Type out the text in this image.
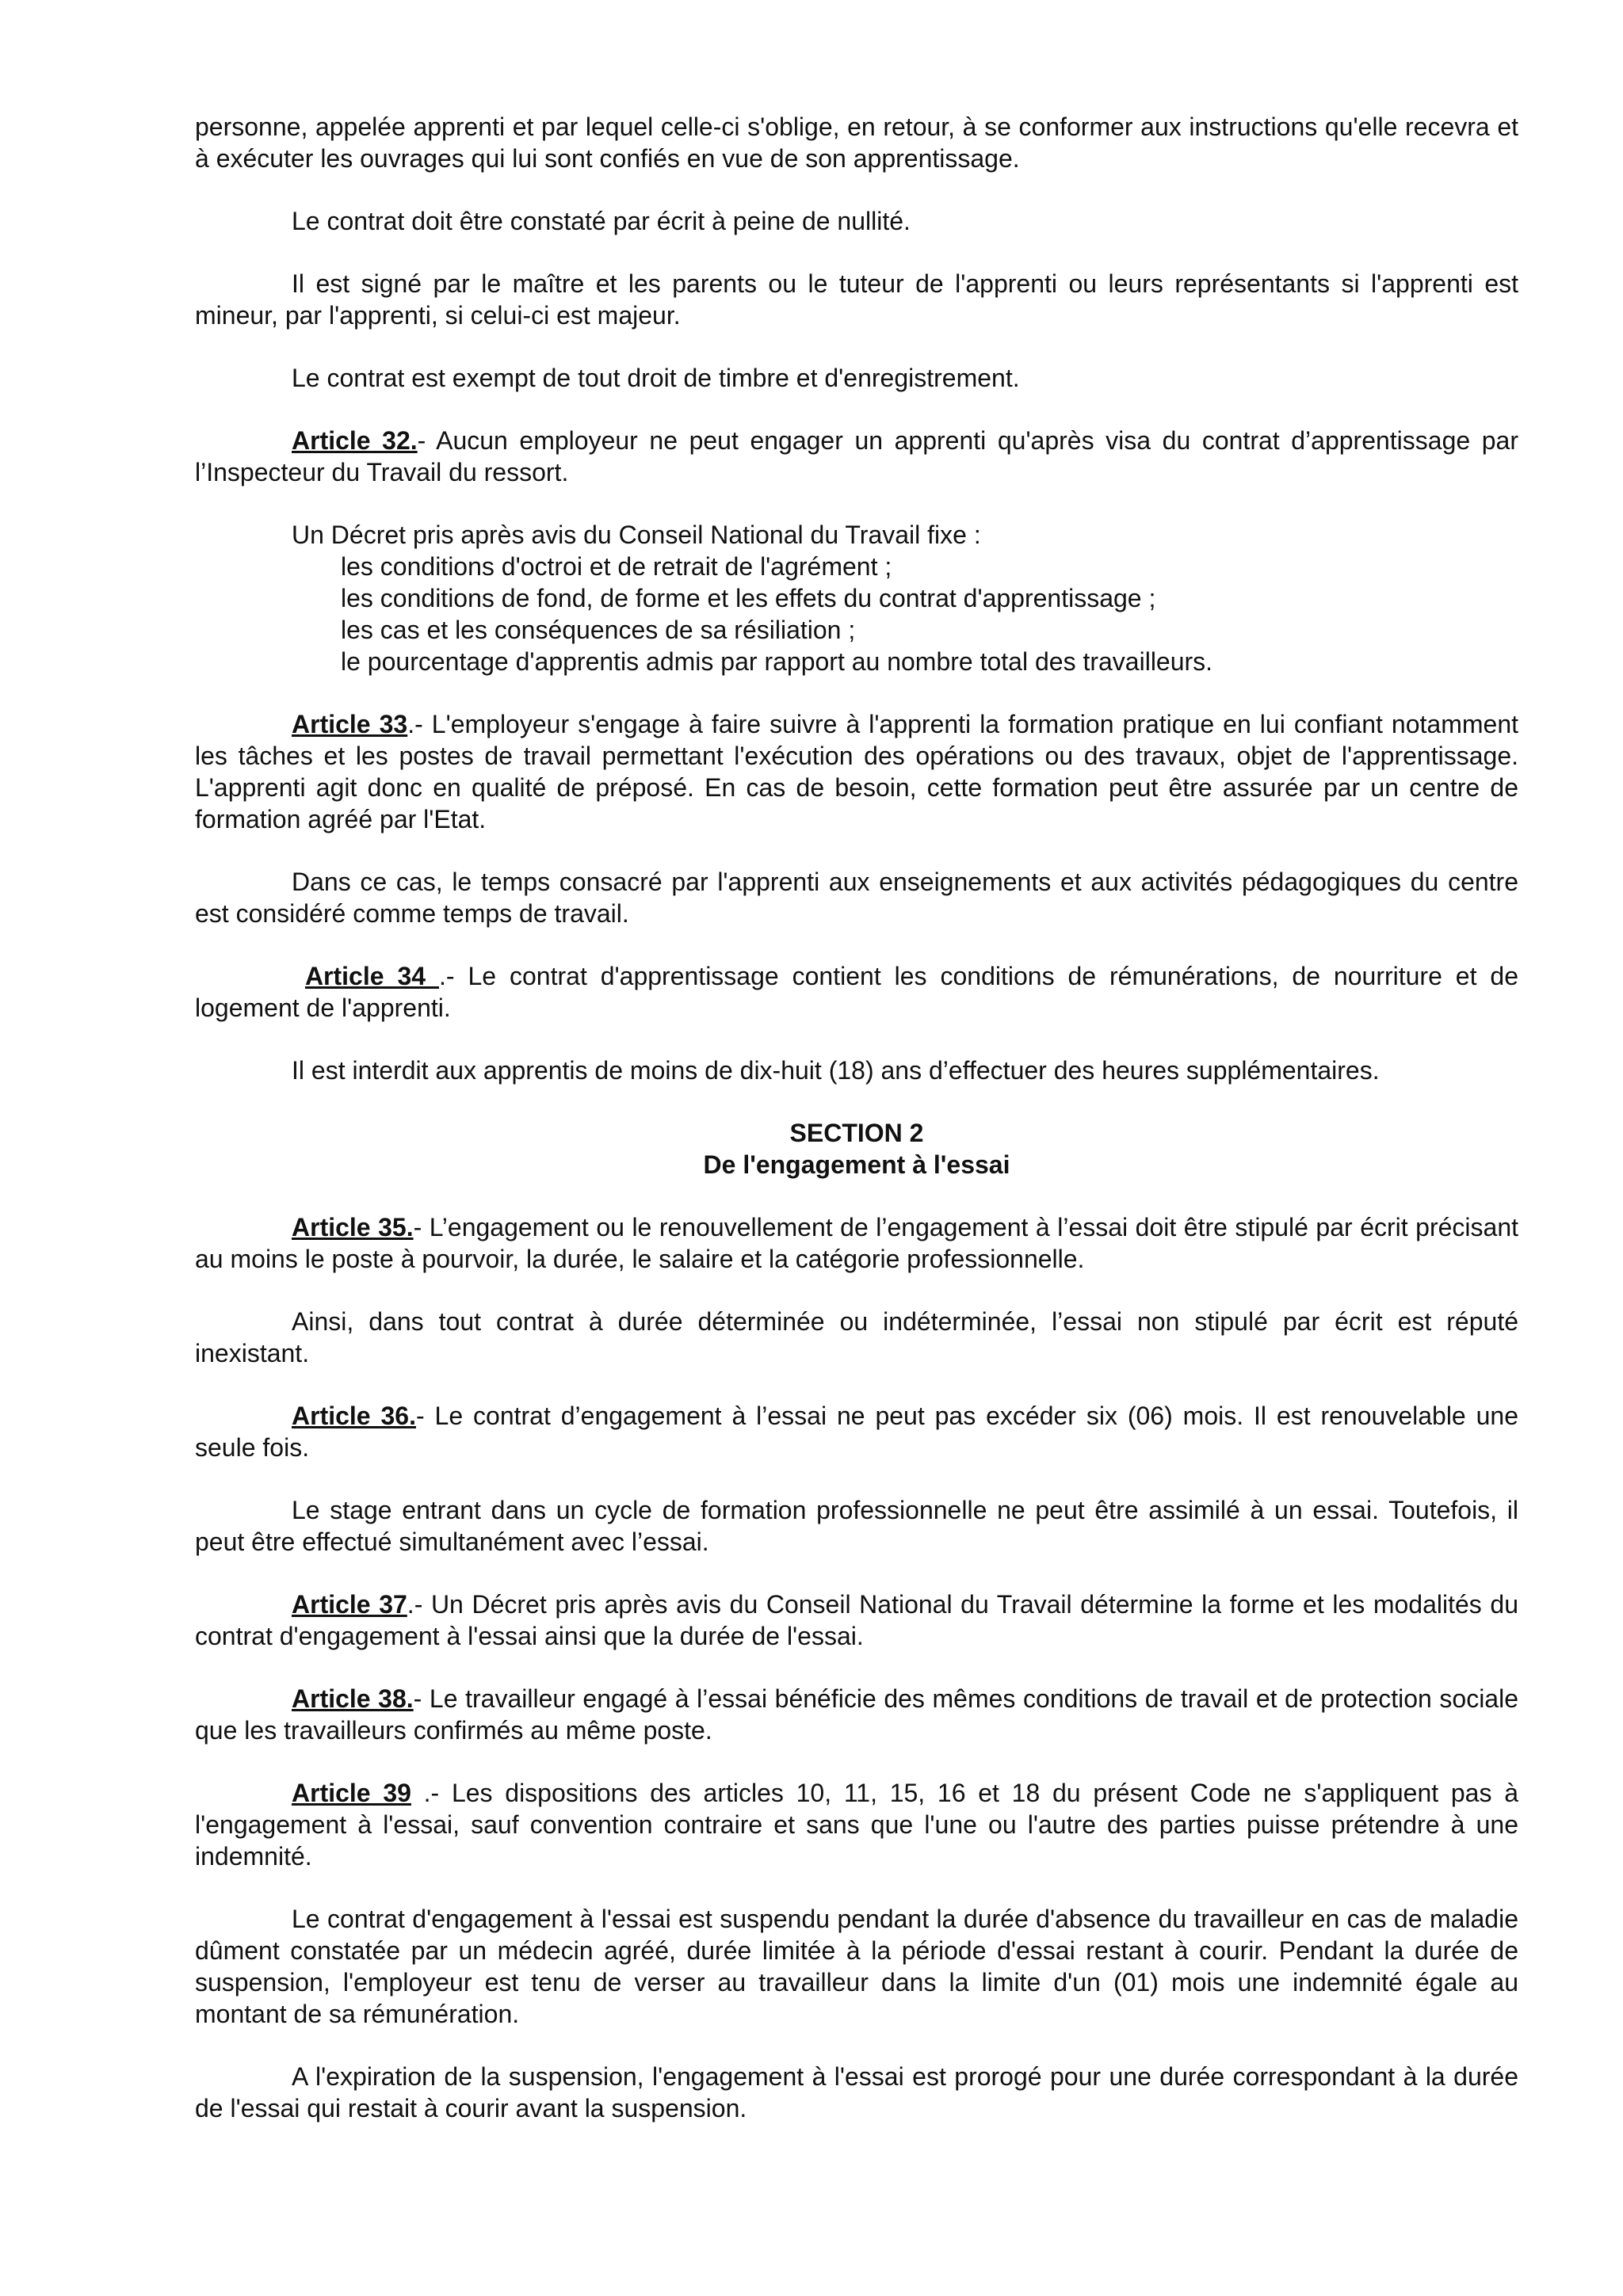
personne, appelée apprenti et par lequel celle-ci s'oblige, en retour, à se conformer aux instructions qu'elle recevra et à exécuter les ouvrages qui lui sont confiés en vue de son apprentissage.

Le contrat doit être constaté par écrit à peine de nullité.

Il est signé par le maître et les parents ou le tuteur de l'apprenti ou leurs représentants si l'apprenti est mineur, par l'apprenti, si celui-ci est majeur.

Le contrat est exempt de tout droit de timbre et d'enregistrement.

Article 32.- Aucun employeur ne peut engager un apprenti qu'après visa du contrat d’apprentissage par l’Inspecteur du Travail du ressort.

Un Décret pris après avis du Conseil National du Travail fixe :
les conditions d'octroi et de retrait de l'agrément ;
les conditions de fond, de forme et les effets du contrat d'apprentissage ;
les cas et les conséquences de sa résiliation ;
le pourcentage d'apprentis admis par rapport au nombre total des travailleurs.

Article 33.- L'employeur s'engage à faire suivre à l'apprenti la formation pratique en lui confiant notamment les tâches et les postes de travail permettant l'exécution des opérations ou des travaux, objet de l'apprentissage. L'apprenti agit donc en qualité de préposé. En cas de besoin, cette formation peut être assurée par un centre de formation agréé par l'Etat.

Dans ce cas, le temps consacré par l'apprenti aux enseignements et aux activités pédagogiques du centre est considéré comme temps de travail.

Article 34 .- Le contrat d'apprentissage contient les conditions de rémunérations, de nourriture et de logement de l'apprenti.

Il est interdit aux apprentis de moins de dix-huit (18) ans d’effectuer des heures supplémentaires.

SECTION 2
De l'engagement à l'essai

Article 35.- L’engagement ou le renouvellement de l’engagement à l’essai doit être stipulé par écrit précisant au moins le poste à pourvoir, la durée, le salaire et la catégorie professionnelle.

Ainsi, dans tout contrat à durée déterminée ou indéterminée, l’essai non stipulé par écrit est réputé inexistant.

Article 36.- Le contrat d’engagement à l’essai ne peut pas excéder six (06) mois. Il est renouvelable une seule fois.

Le stage entrant dans un cycle de formation professionnelle ne peut être assimilé à un essai. Toutefois, il peut être effectué simultanément avec l’essai.

Article 37.- Un Décret pris après avis du Conseil National du Travail détermine la forme et les modalités du contrat d'engagement à l'essai ainsi que la durée de l'essai.

Article 38.- Le travailleur engagé à l’essai bénéficie des mêmes conditions de travail et de protection sociale que les travailleurs confirmés au même poste.

Article 39 .- Les dispositions des articles 10, 11, 15, 16 et 18 du présent Code ne s'appliquent pas à l'engagement à l'essai, sauf convention contraire et sans que l'une ou l'autre des parties puisse prétendre à une indemnité.

Le contrat d'engagement à l'essai est suspendu pendant la durée d'absence du travailleur en cas de maladie dûment constatée par un médecin agréé, durée limitée à la période d'essai restant à courir. Pendant la durée de suspension, l'employeur est tenu de verser au travailleur dans la limite d'un (01) mois une indemnité égale au montant de sa rémunération.

A l'expiration de la suspension, l'engagement à l'essai est prorogé pour une durée correspondant à la durée de l'essai qui restait à courir avant la suspension.
